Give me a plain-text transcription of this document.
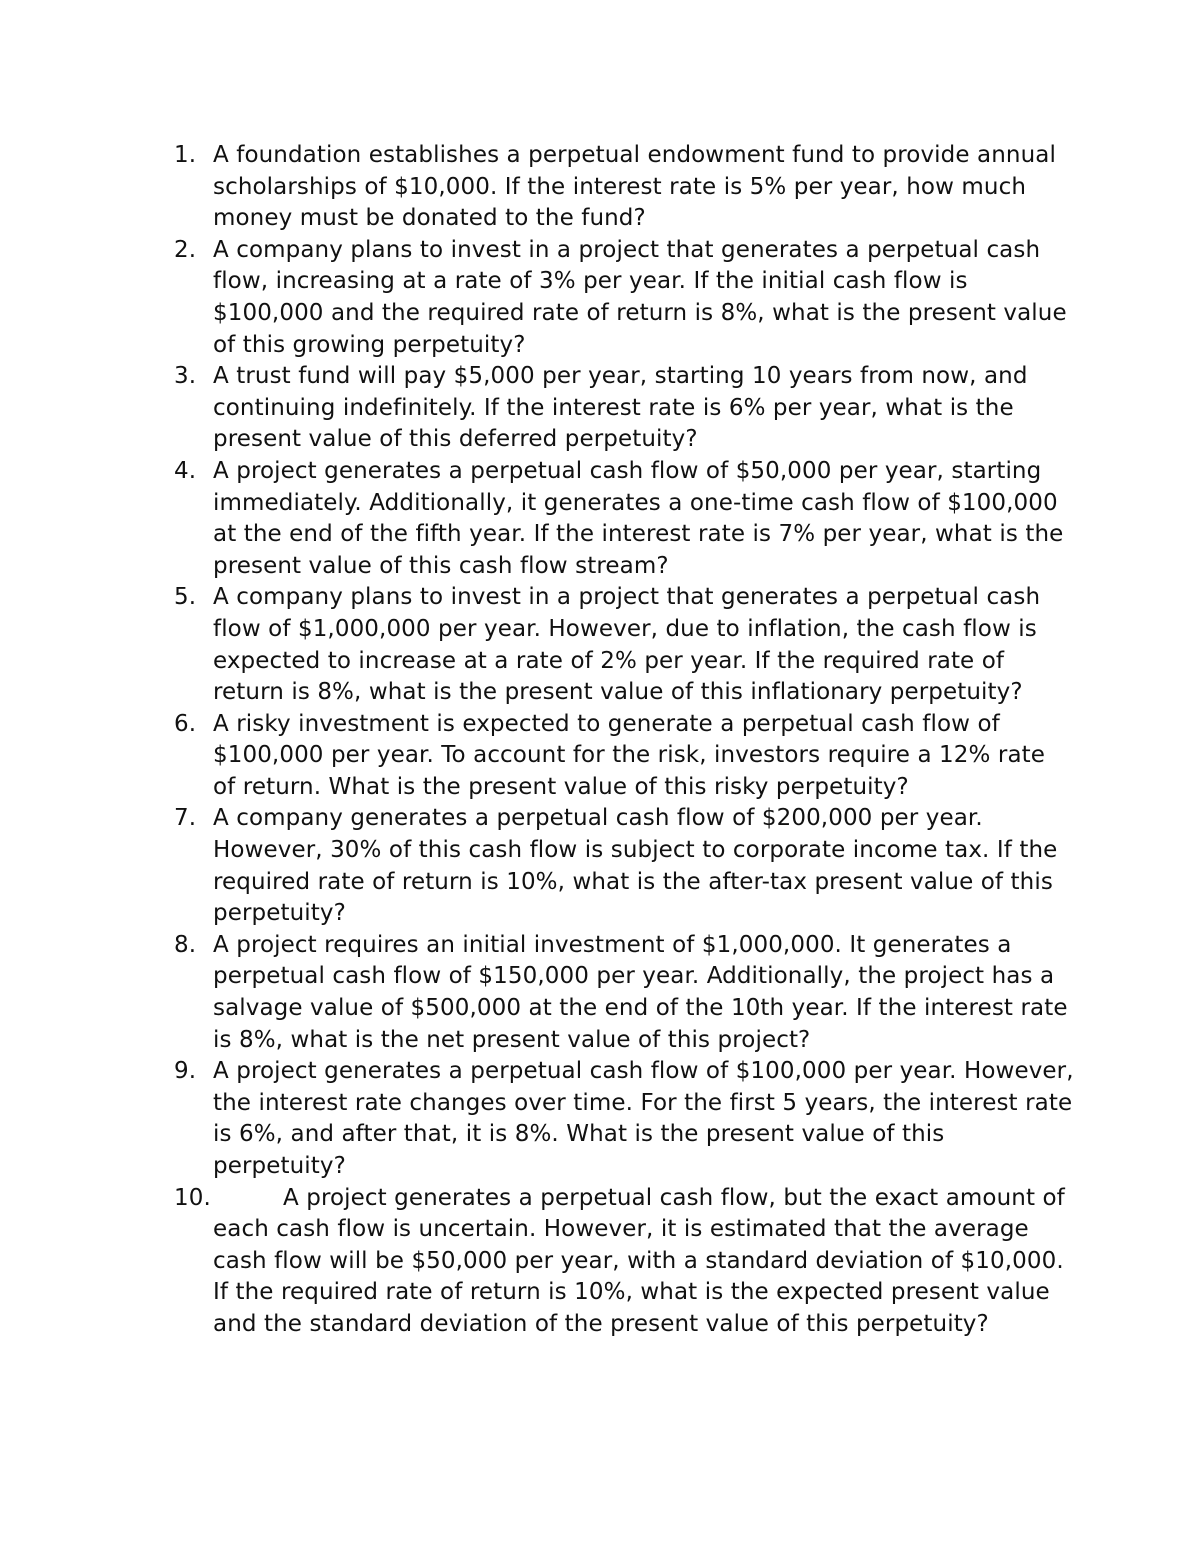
1. A foundation establishes a perpetual endowment fund to provide annual scholarships of $10,000. If the interest rate is 5% per year, how much money must be donated to the fund?
2. A company plans to invest in a project that generates a perpetual cash flow, increasing at a rate of 3% per year. If the initial cash flow is $100,000 and the required rate of return is 8%, what is the present value of this growing perpetuity?
3. A trust fund will pay $5,000 per year, starting 10 years from now, and continuing indefinitely. If the interest rate is 6% per year, what is the present value of this deferred perpetuity?
4. A project generates a perpetual cash flow of $50,000 per year, starting immediately. Additionally, it generates a one-time cash flow of $100,000 at the end of the fifth year. If the interest rate is 7% per year, what is the present value of this cash flow stream?
5. A company plans to invest in a project that generates a perpetual cash flow of $1,000,000 per year. However, due to inflation, the cash flow is expected to increase at a rate of 2% per year. If the required rate of return is 8%, what is the present value of this inflationary perpetuity?
6. A risky investment is expected to generate a perpetual cash flow of $100,000 per year. To account for the risk, investors require a 12% rate of return. What is the present value of this risky perpetuity?
7. A company generates a perpetual cash flow of $200,000 per year. However, 30% of this cash flow is subject to corporate income tax. If the required rate of return is 10%, what is the after-tax present value of this perpetuity?
8. A project requires an initial investment of $1,000,000. It generates a perpetual cash flow of $150,000 per year. Additionally, the project has a salvage value of $500,000 at the end of the 10th year. If the interest rate is 8%, what is the net present value of this project?
9. A project generates a perpetual cash flow of $100,000 per year. However, the interest rate changes over time. For the first 5 years, the interest rate is 6%, and after that, it is 8%. What is the present value of this perpetuity?
10.	A project generates a perpetual cash flow, but the exact amount of each cash flow is uncertain. However, it is estimated that the average cash flow will be $50,000 per year, with a standard deviation of $10,000. If the required rate of return is 10%, what is the expected present value and the standard deviation of the present value of this perpetuity?
